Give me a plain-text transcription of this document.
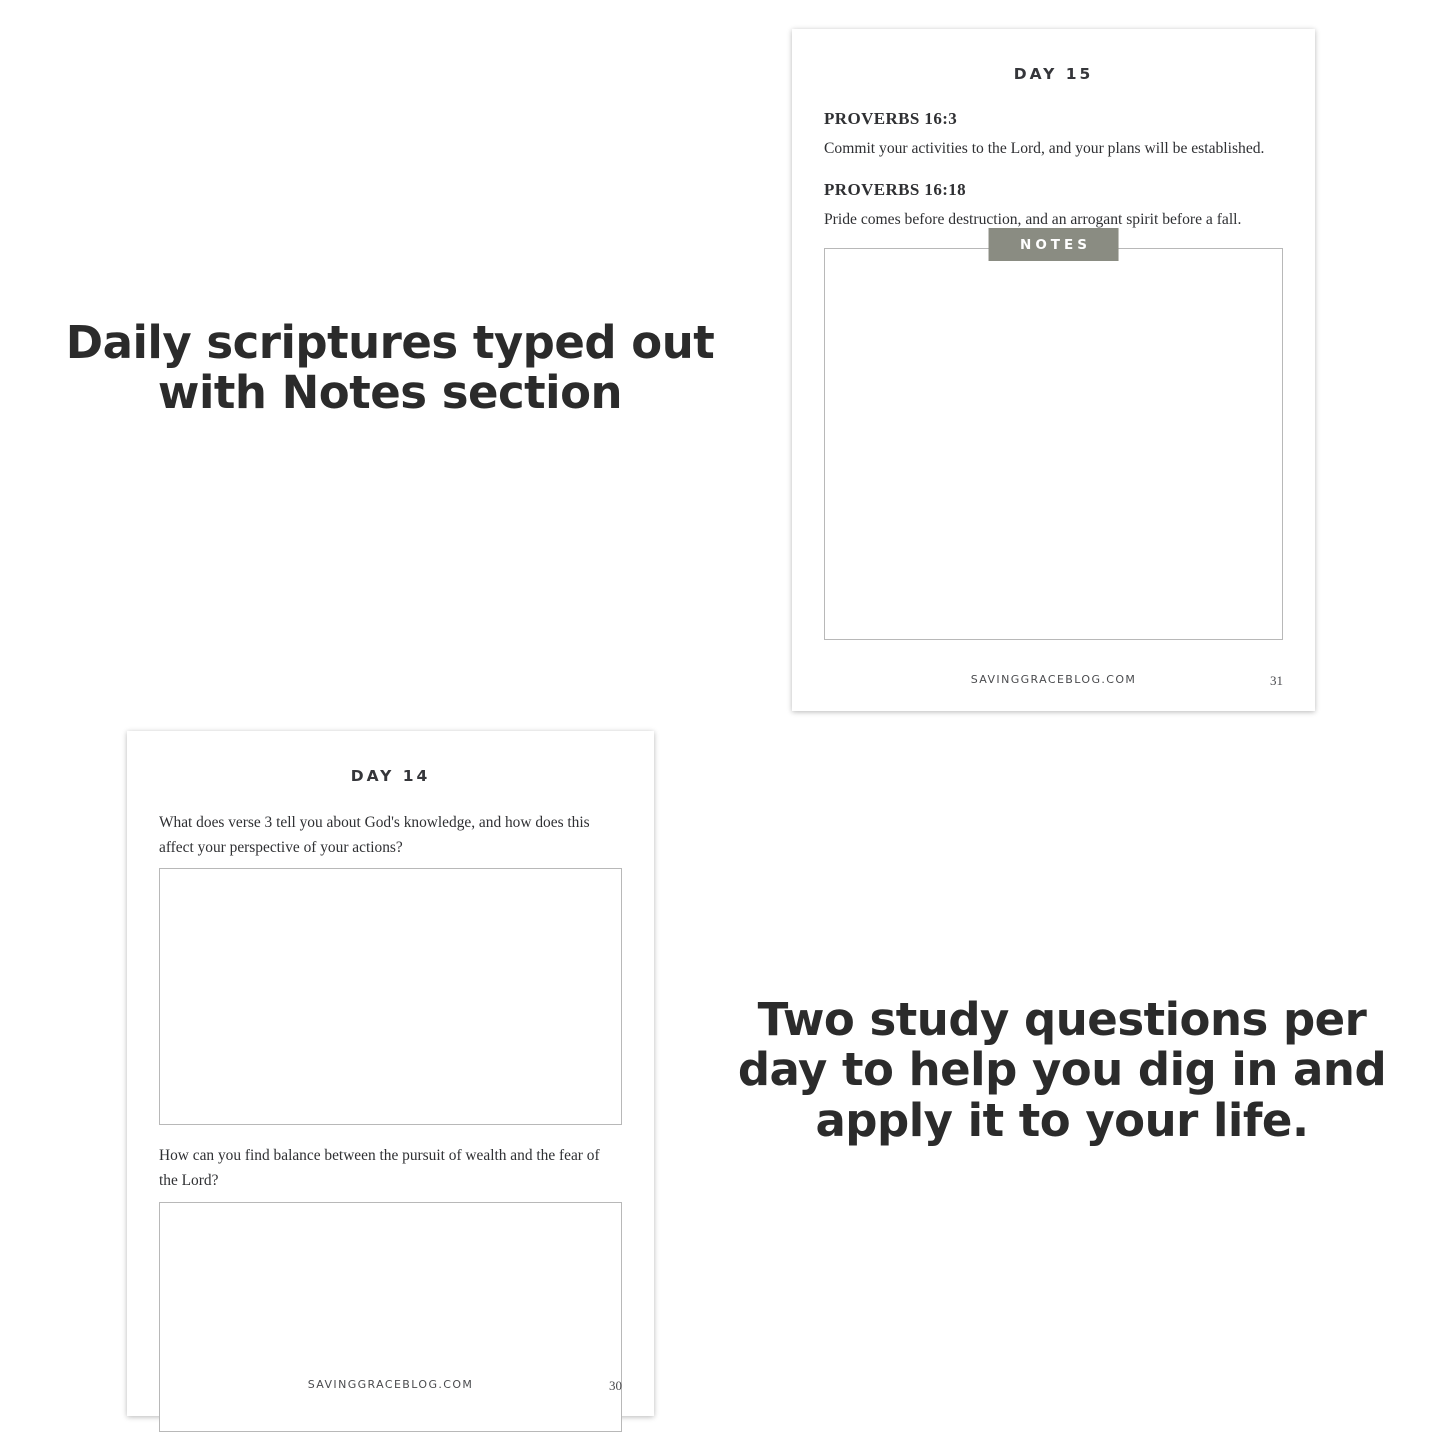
Daily scriptures typed out with Notes section
Two study questions per day to help you dig in and apply it to your life.
DAY 15

PROVERBS 16:3

Commit your activities to the Lord, and your plans will be established.

PROVERBS 16:18

Pride comes before destruction, and an arrogant spirit before a fall.

NOTES
SAVINGGRACEBLOG.COM	31
DAY 14

What does verse 3 tell you about God's knowledge, and how does this affect your perspective of your actions?

How can you find balance between the pursuit of wealth and the fear of the Lord?

SAVINGGRACEBLOG.COM	30
